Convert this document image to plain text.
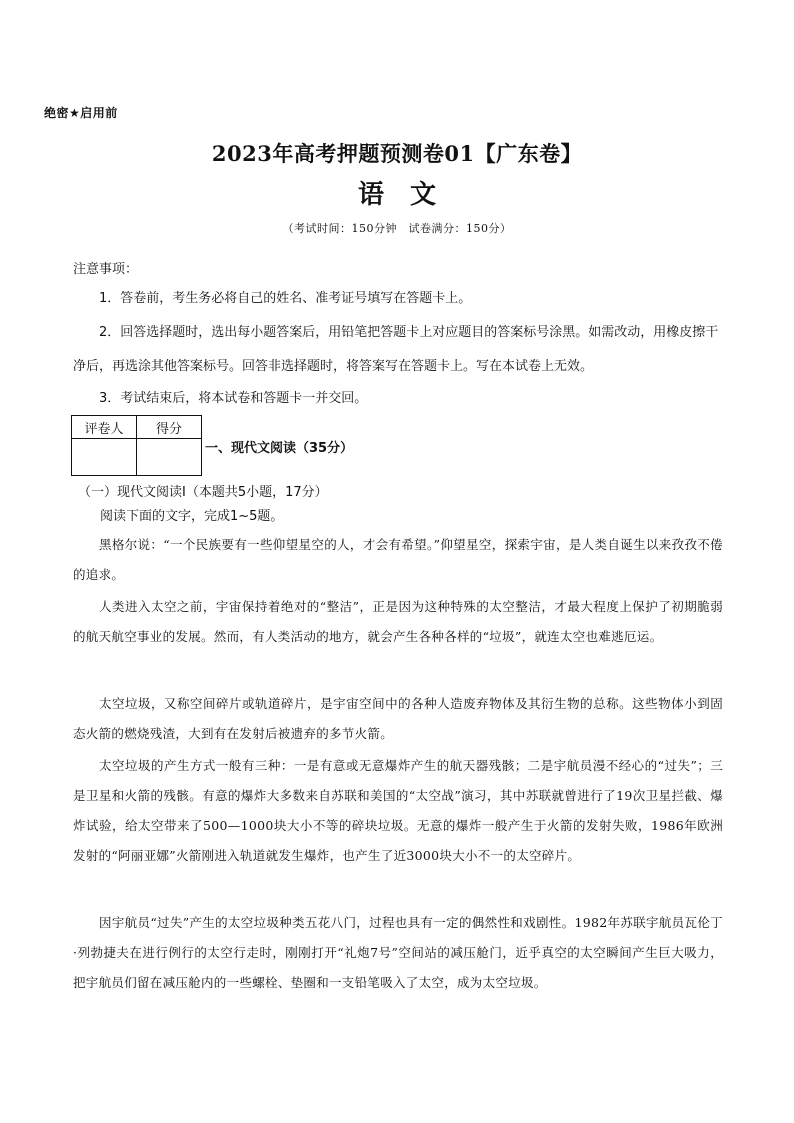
绝密★启用前
2023年高考押题预测卷01【广东卷】
语文
（考试时间：150分钟　试卷满分：150分）
注意事项：
1．答卷前，考生务必将自己的姓名、准考证号填写在答题卡上。
2．回答选择题时，选出每小题答案后，用铅笔把答题卡上对应题目的答案标号涂黑。如需改动，用橡皮擦干净后，再选涂其他答案标号。回答非选择题时，将答案写在答题卡上。写在本试卷上无效。
3．考试结束后，将本试卷和答题卡一并交回。
评卷人	得分

一、现代文阅读（35分）
（一）现代文阅读Ⅰ（本题共5小题，17分）
阅读下面的文字，完成1~5题。
黑格尔说：“一个民族要有一些仰望星空的人，才会有希望。”仰望星空，探索宇宙，是人类自诞生以来孜孜不倦的追求。
人类进入太空之前，宇宙保持着绝对的“整洁”，正是因为这种特殊的太空整洁，才最大程度上保护了初期脆弱的航天航空事业的发展。然而，有人类活动的地方，就会产生各种各样的“垃圾”，就连太空也难逃厄运。
太空垃圾，又称空间碎片或轨道碎片，是宇宙空间中的各种人造废弃物体及其衍生物的总称。这些物体小到固态火箭的燃烧残渣，大到有在发射后被遗弃的多节火箭。
太空垃圾的产生方式一般有三种：一是有意或无意爆炸产生的航天器残骸；二是宇航员漫不经心的“过失”；三是卫星和火箭的残骸。有意的爆炸大多数来自苏联和美国的“太空战”演习，其中苏联就曾进行了19次卫星拦截、爆炸试验，给太空带来了500—1000块大小不等的碎块垃圾。无意的爆炸一般产生于火箭的发射失败，1986年欧洲发射的“阿丽亚娜”火箭刚进入轨道就发生爆炸，也产生了近3000块大小不一的太空碎片。
因宇航员“过失”产生的太空垃圾种类五花八门，过程也具有一定的偶然性和戏剧性。1982年苏联宇航员瓦伦丁·列勃捷夫在进行例行的太空行走时，刚刚打开“礼炮7号”空间站的减压舱门，近乎真空的太空瞬间产生巨大吸力，把宇航员们留在减压舱内的一些螺栓、垫圈和一支铅笔吸入了太空，成为太空垃圾。
